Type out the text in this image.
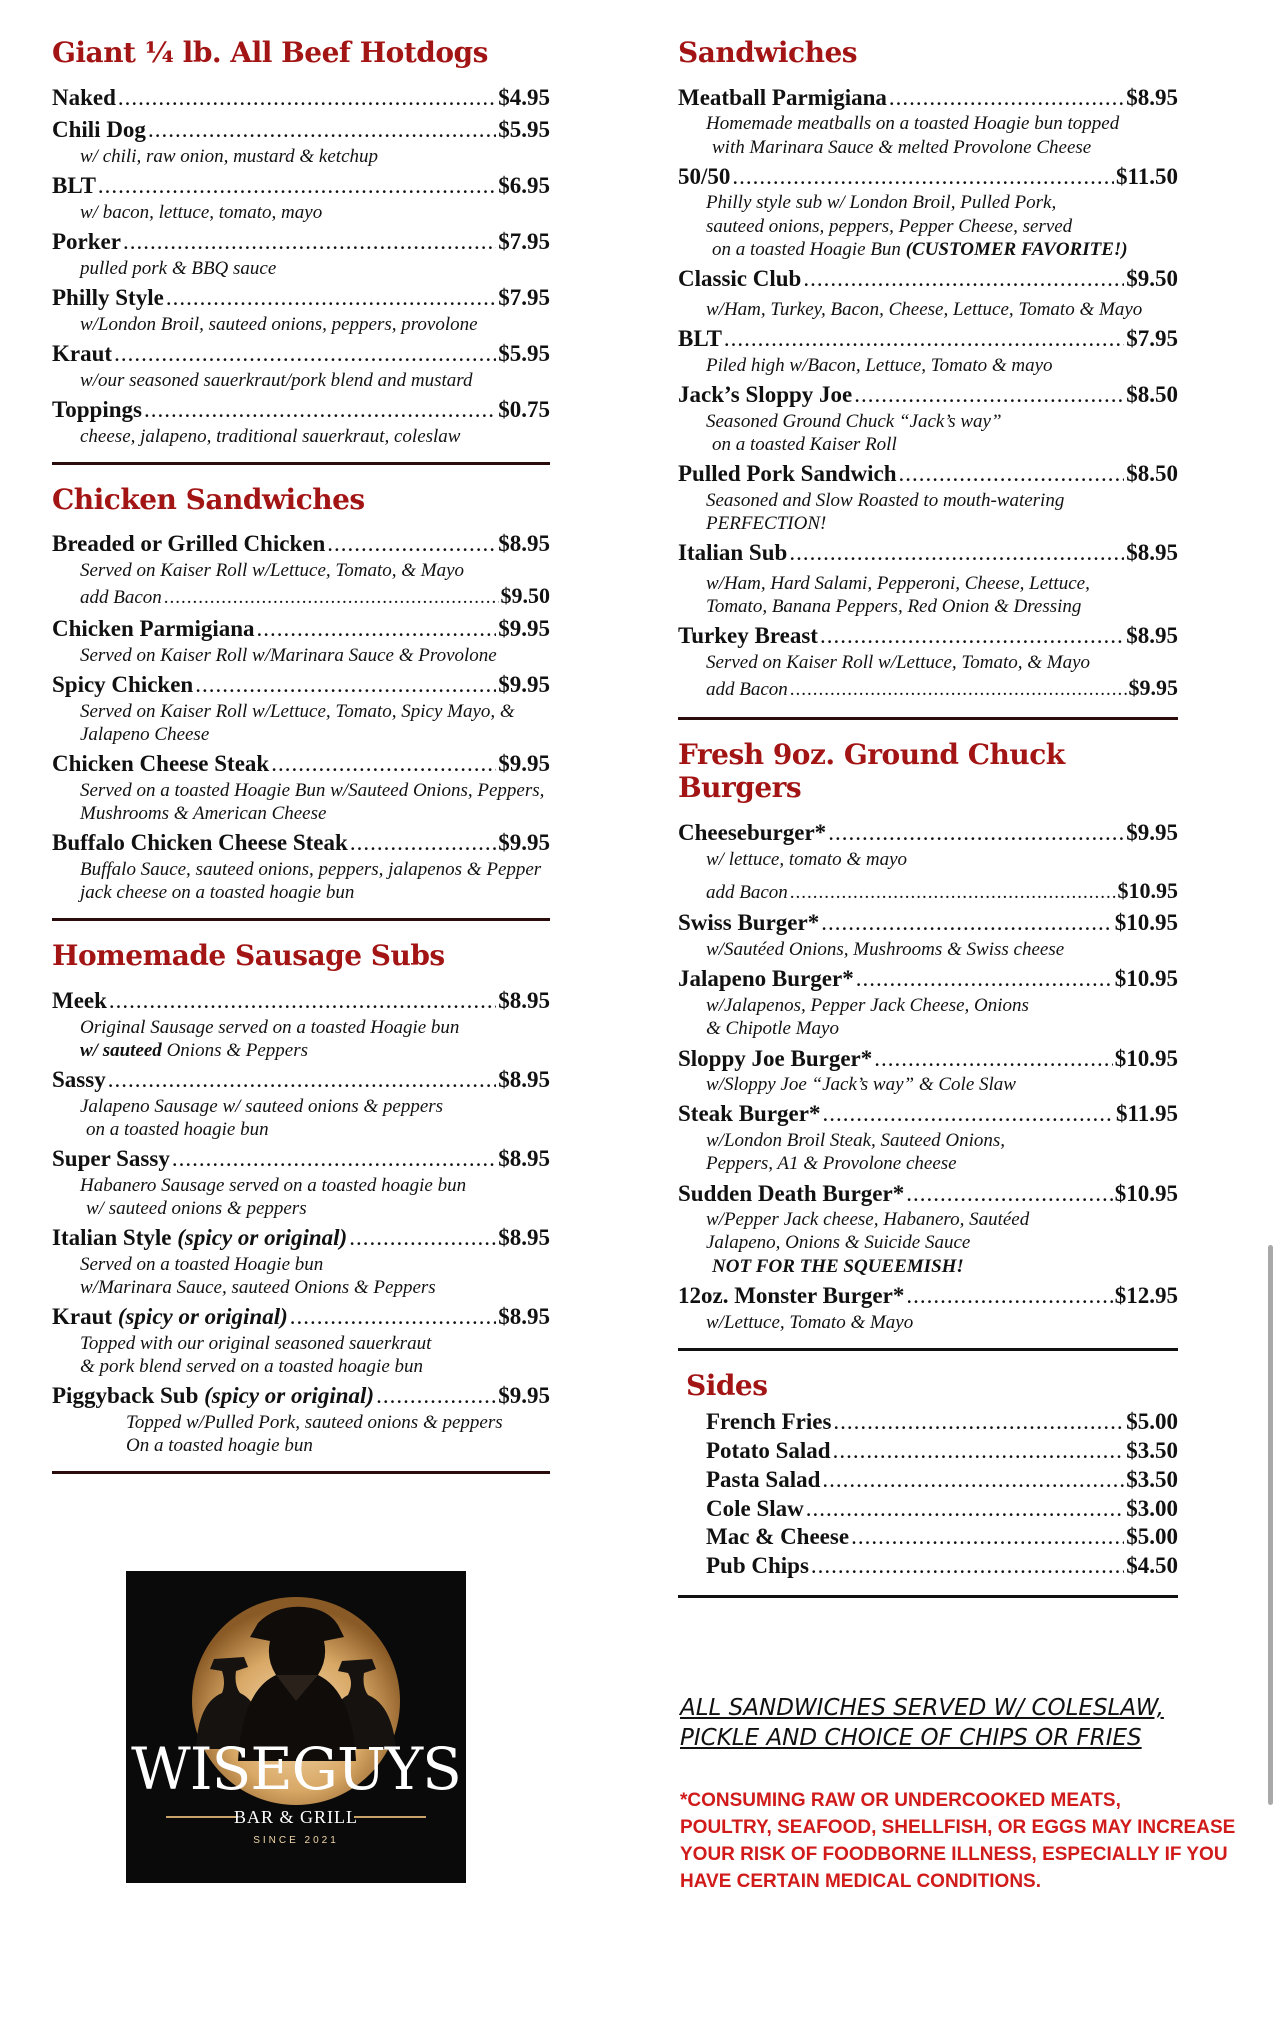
Giant ¼ lb. All Beef Hotdogs
Naked .....	$4.95
Chili Dog .....	$5.95
w/ chili, raw onion, mustard & ketchup
BLT .....	$6.95
w/ bacon, lettuce, tomato, mayo
Porker .....	$7.95
pulled pork & BBQ sauce
Philly Style .....	$7.95
w/London Broil, sauteed onions, peppers, provolone
Kraut .....	$5.95
w/our seasoned sauerkraut/pork blend and mustard
Toppings .....	$0.75
cheese, jalapeno, traditional sauerkraut, coleslaw
Chicken Sandwiches
Breaded or Grilled Chicken .....	$8.95
Served on Kaiser Roll w/Lettuce, Tomato, & Mayo
add Bacon .....	$9.50
Chicken Parmigiana .....	$9.95
Served on Kaiser Roll w/Marinara Sauce & Provolone
Spicy Chicken .....	$9.95
Served on Kaiser Roll w/Lettuce, Tomato, Spicy Mayo, & Jalapeno Cheese
Chicken Cheese Steak .....	$9.95
Served on a toasted Hoagie Bun w/Sauteed Onions, Peppers, Mushrooms & American Cheese
Buffalo Chicken Cheese Steak .....	$9.95
Buffalo Sauce, sauteed onions, peppers, jalapenos & Pepper jack cheese on a toasted hoagie bun
Homemade Sausage Subs
Meek .....	$8.95
Original Sausage served on a toasted Hoagie bun
w/ sauteed Onions & Peppers
Sassy .....	$8.95
Jalapeno Sausage w/ sauteed onions & peppers
on a toasted hoagie bun
Super Sassy .....	$8.95
Habanero Sausage served on a toasted hoagie bun
w/ sauteed onions & peppers
Italian Style (spicy or original) .....	$8.95
Served on a toasted Hoagie bun
w/Marinara Sauce, sauteed Onions & Peppers
Kraut (spicy or original) .....	$8.95
Topped with our original seasoned sauerkraut
& pork blend served on a toasted hoagie bun
Piggyback Sub (spicy or original) .....	$9.95
Topped w/Pulled Pork, sauteed onions & peppers
On a toasted hoagie bun
Sandwiches
Meatball Parmigiana .....	$8.95
Homemade meatballs on a toasted Hoagie bun topped
with Marinara Sauce & melted Provolone Cheese
50/50 .....	$11.50
Philly style sub w/ London Broil, Pulled Pork,
sauteed onions, peppers, Pepper Cheese, served
on a toasted Hoagie Bun (CUSTOMER FAVORITE!)
Classic Club .....	$9.50
w/Ham, Turkey, Bacon, Cheese, Lettuce, Tomato & Mayo
BLT .....	$7.95
Piled high w/Bacon, Lettuce, Tomato & mayo
Jack’s Sloppy Joe .....	$8.50
Seasoned Ground Chuck “Jack’s way”
on a toasted Kaiser Roll
Pulled Pork Sandwich .....	$8.50
Seasoned and Slow Roasted to mouth-watering
PERFECTION!
Italian Sub .....	$8.95
w/Ham, Hard Salami, Pepperoni, Cheese, Lettuce,
Tomato, Banana Peppers, Red Onion & Dressing
Turkey Breast .....	$8.95
Served on Kaiser Roll w/Lettuce, Tomato, & Mayo
add Bacon .....	$9.95
Fresh 9oz. Ground Chuck Burgers
Cheeseburger* .....	$9.95
w/ lettuce, tomato & mayo
add Bacon .....	$10.95
Swiss Burger* .....	$10.95
w/Sautéed Onions, Mushrooms & Swiss cheese
Jalapeno Burger* .....	$10.95
w/Jalapenos, Pepper Jack Cheese, Onions
& Chipotle Mayo
Sloppy Joe Burger* .....	$10.95
w/Sloppy Joe “Jack’s way” & Cole Slaw
Steak Burger* .....	$11.95
w/London Broil Steak, Sauteed Onions,
Peppers, A1 & Provolone cheese
Sudden Death Burger* .....	$10.95
w/Pepper Jack cheese, Habanero, Sautéed
Jalapeno, Onions & Suicide Sauce
NOT FOR THE SQUEEMISH!
12oz. Monster Burger* .....	$12.95
w/Lettuce, Tomato & Mayo
Sides
French Fries .....	$5.00
Potato Salad .....	$3.50
Pasta Salad .....	$3.50
Cole Slaw .....	$3.00
Mac & Cheese .....	$5.00
Pub Chips .....	$4.50
WISEGUYS
BAR & GRILL
SINCE 2021
ALL SANDWICHES SERVED W/ COLESLAW,
PICKLE AND CHOICE OF CHIPS OR FRIES
*CONSUMING RAW OR UNDERCOOKED MEATS,
POULTRY, SEAFOOD, SHELLFISH, OR EGGS MAY INCREASE
YOUR RISK OF FOODBORNE ILLNESS, ESPECIALLY IF YOU
HAVE CERTAIN MEDICAL CONDITIONS.
